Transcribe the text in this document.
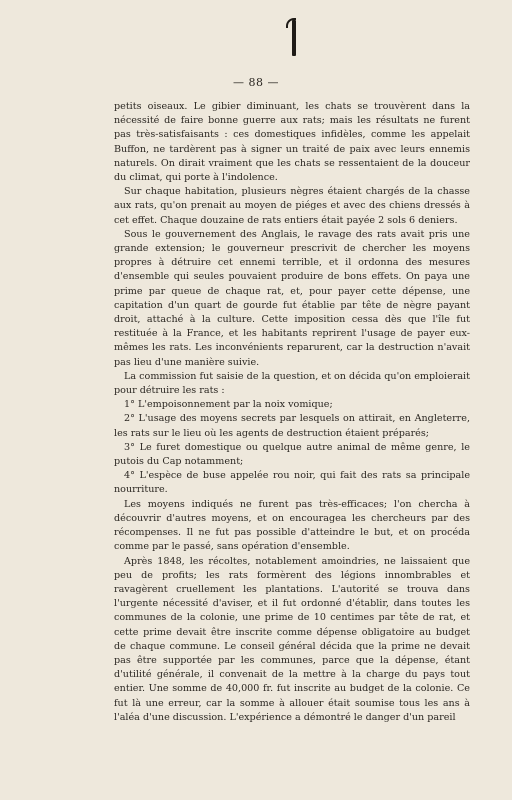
— 88 —

petits oiseaux. Le gibier diminuant, les chats se trouvèrent dans la nécessité de faire bonne guerre aux rats; mais les résultats ne furent pas très-satisfaisants : ces domestiques infidèles, comme les appelait Buffon, ne tardèrent pas à signer un traité de paix avec leurs ennemis naturels. On dirait vraiment que les chats se ressentaient de la douceur du climat, qui porte à l'indolence.

Sur chaque habitation, plusieurs nègres étaient chargés de la chasse aux rats, qu'on prenait au moyen de piéges et avec des chiens dressés à cet effet. Chaque douzaine de rats entiers était payée 2 sols 6 deniers.

Sous le gouvernement des Anglais, le ravage des rats avait pris une grande extension; le gouverneur prescrivit de chercher les moyens propres à détruire cet ennemi terrible, et il ordonna des mesures d'ensemble qui seules pouvaient produire de bons effets. On paya une prime par queue de chaque rat, et, pour payer cette dépense, une capitation d'un quart de gourde fut établie par tête de nègre payant droit, attaché à la culture. Cette imposition cessa dès que l'île fut restituée à la France, et les habitants reprirent l'usage de payer eux-mêmes les rats. Les inconvénients reparurent, car la destruction n'avait pas lieu d'une manière suivie.

La commission fut saisie de la question, et on décida qu'on emploierait pour détruire les rats :

1° L'empoisonnement par la noix vomique;

2° L'usage des moyens secrets par lesquels on attirait, en Angleterre, les rats sur le lieu où les agents de destruction étaient préparés;

3° Le furet domestique ou quelque autre animal de même genre, le putois du Cap notamment;

4° L'espèce de buse appelée rou noir, qui fait des rats sa principale nourriture.

Les moyens indiqués ne furent pas très-efficaces; l'on chercha à découvrir d'autres moyens, et on encouragea les chercheurs par des récompenses. Il ne fut pas possible d'atteindre le but, et on procéda comme par le passé, sans opération d'ensemble.

Après 1848, les récoltes, notablement amoindries, ne laissaient que peu de profits; les rats formèrent des légions innombrables et ravagèrent cruellement les plantations. L'autorité se trouva dans l'urgente nécessité d'aviser, et il fut ordonné d'établir, dans toutes les communes de la colonie, une prime de 10 centimes par tête de rat, et cette prime devait être inscrite comme dépense obligatoire au budget de chaque commune. Le conseil général décida que la prime ne devait pas être supportée par les communes, parce que la dépense, étant d'utilité générale, il convenait de la mettre à la charge du pays tout entier. Une somme de 40,000 fr. fut inscrite au budget de la colonie. Ce fut là une erreur, car la somme à allouer était soumise tous les ans à l'aléa d'une discussion. L'expérience a démontré le danger d'un pareil
